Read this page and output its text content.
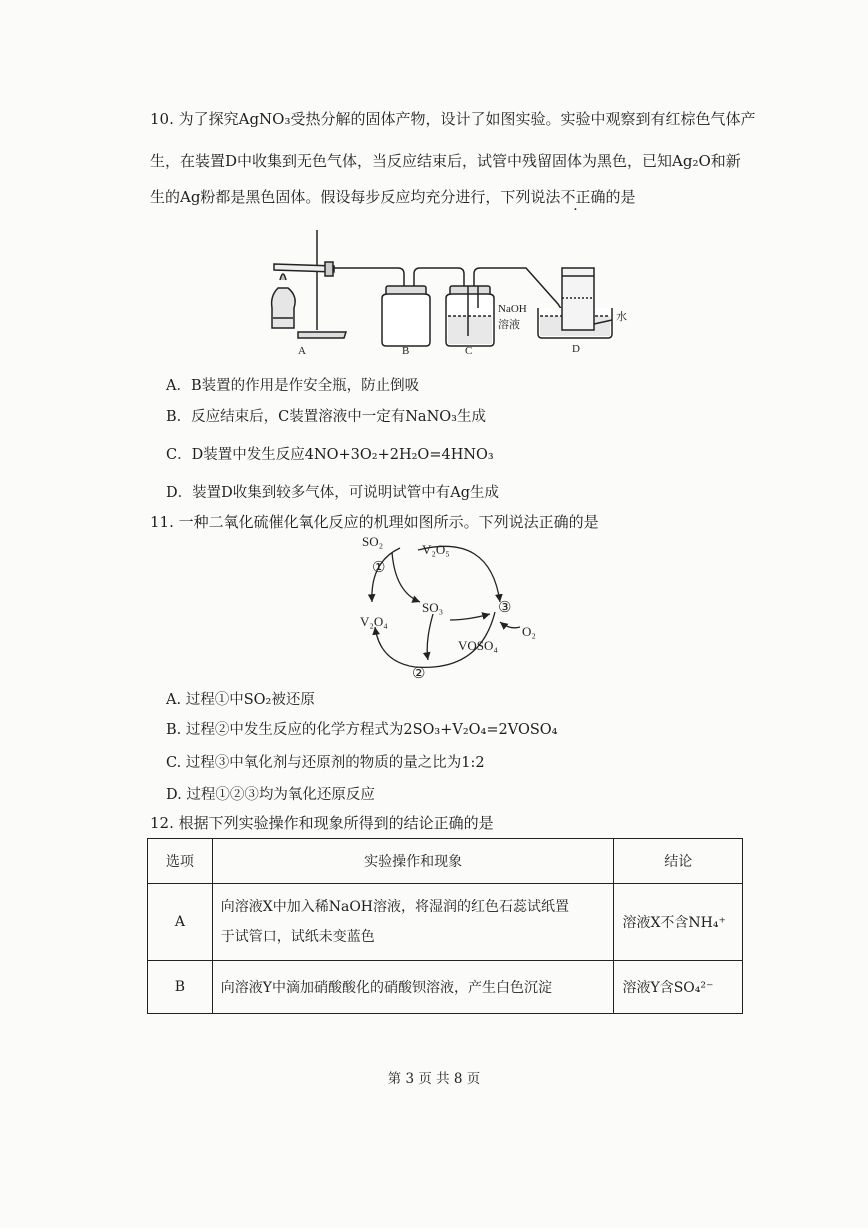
10. 为了探究AgNO₃受热分解的固体产物，设计了如图实验。实验中观察到有红棕色气体产
生，在装置D中收集到无色气体，当反应结束后，试管中残留固体为黑色，已知Ag₂O和新
生的Ag粉都是黑色固体。假设每步反应均充分进行，下列说法不正确的是
A	B	C	D
NaOH
溶液
水
A．B装置的作用是作安全瓶，防止倒吸
B．反应结束后，C装置溶液中一定有NaNO₃生成
C．D装置中发生反应4NO+3O₂+2H₂O=4HNO₃
D．装置D收集到较多气体，可说明试管中有Ag生成
11. 一种二氧化硫催化氧化反应的机理如图所示。下列说法正确的是
SO₂
V₂O₅
SO₃
V₂O₄
VOSO₄
O₂
①
②
③
A. 过程①中SO₂被还原
B. 过程②中发生反应的化学方程式为2SO₃+V₂O₄=2VOSO₄
C. 过程③中氧化剂与还原剂的物质的量之比为1:2
D. 过程①②③均为氧化还原反应
12. 根据下列实验操作和现象所得到的结论正确的是
选项	实验操作和现象	结论
A	向溶液X中加入稀NaOH溶液，将湿润的红色石蕊试纸置
于试管口，试纸未变蓝色	溶液X不含NH₄⁺
B	向溶液Y中滴加硝酸酸化的硝酸钡溶液，产生白色沉淀	溶液Y含SO₄²⁻
第 3 页 共 8 页
